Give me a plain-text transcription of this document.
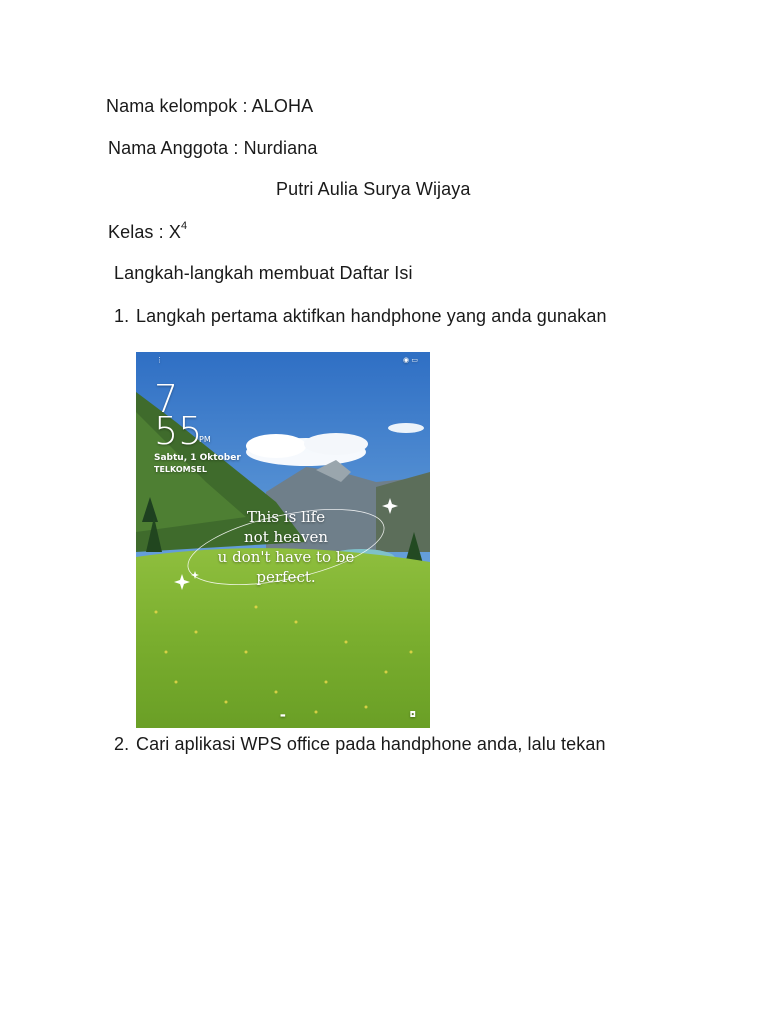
Nama kelompok : ALOHA
Nama Anggota : Nurdiana
Putri Aulia Surya Wijaya
Kelas : $X^4$
Langkah-langkah membuat Daftar Isi
1. Langkah pertama aktifkan handphone yang anda gunakan
⋮	◉ ▭
7
55
PM
Sabtu, 1 Oktober
TELKOMSEL
This is life
not heaven
u don't have to be
perfect.
▬	◘
2. Cari aplikasi WPS office pada handphone anda, lalu tekan
